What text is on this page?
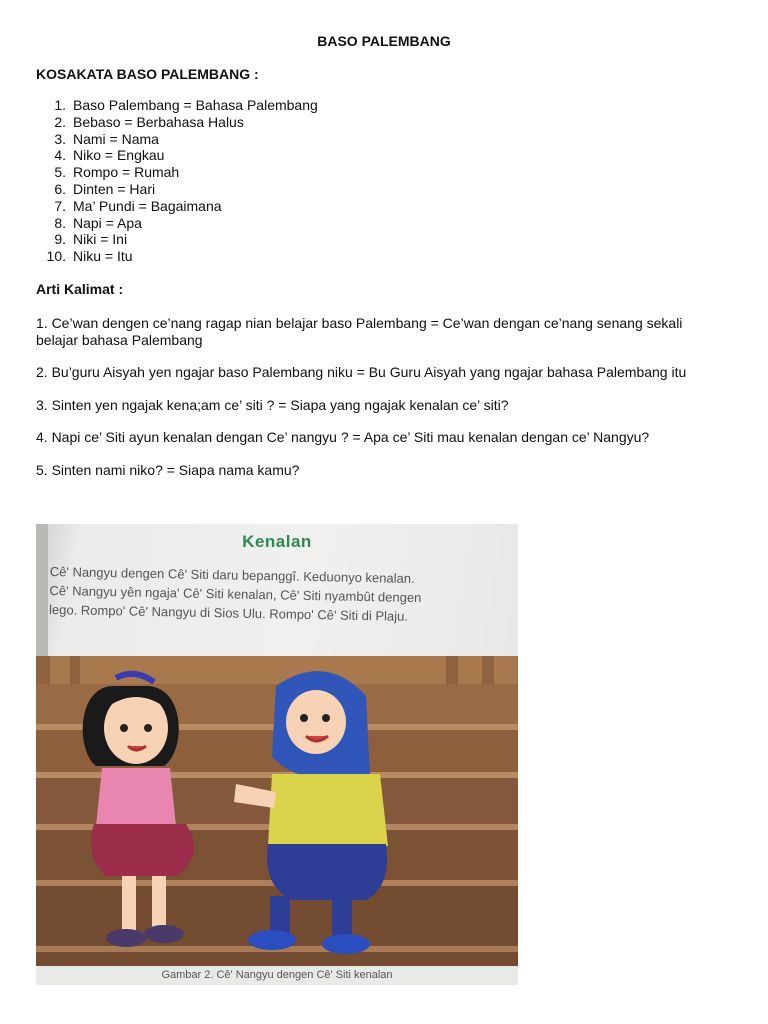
BASO PALEMBANG
KOSAKATA BASO PALEMBANG :
1. Baso Palembang = Bahasa Palembang
2. Bebaso = Berbahasa Halus
3. Nami = Nama
4. Niko = Engkau
5. Rompo = Rumah
6. Dinten = Hari
7. Ma’ Pundi = Bagaimana
8. Napi = Apa
9. Niki = Ini
10. Niku = Itu
Arti Kalimat :
1. Ce’wan dengen ce’nang ragap nian belajar baso Palembang = Ce’wan dengan ce’nang senang sekali belajar bahasa Palembang
2. Bu’guru Aisyah yen ngajar baso Palembang niku = Bu Guru Aisyah yang ngajar bahasa Palembang itu
3. Sinten yen ngajak kena;am ce’ siti ? = Siapa yang ngajak kenalan ce’ siti?
4. Napi ce’ Siti ayun kenalan dengan Ce’ nangyu ? = Apa ce’ Siti mau kenalan dengan ce’ Nangyu?
5. Sinten nami niko? = Siapa nama kamu?
Kenalan
Cê' Nangyu dengen Cê' Siti daru bepanggî. Keduonyo kenalan.
Cê' Nangyu yên ngaja' Cê' Siti kenalan, Cê' Siti nyambût dengen
lego. Rompo' Cê' Nangyu di Sios Ulu. Rompo' Cê' Siti di Plaju.
Gambar 2. Cê' Nangyu dengen Cê' Siti kenalan
